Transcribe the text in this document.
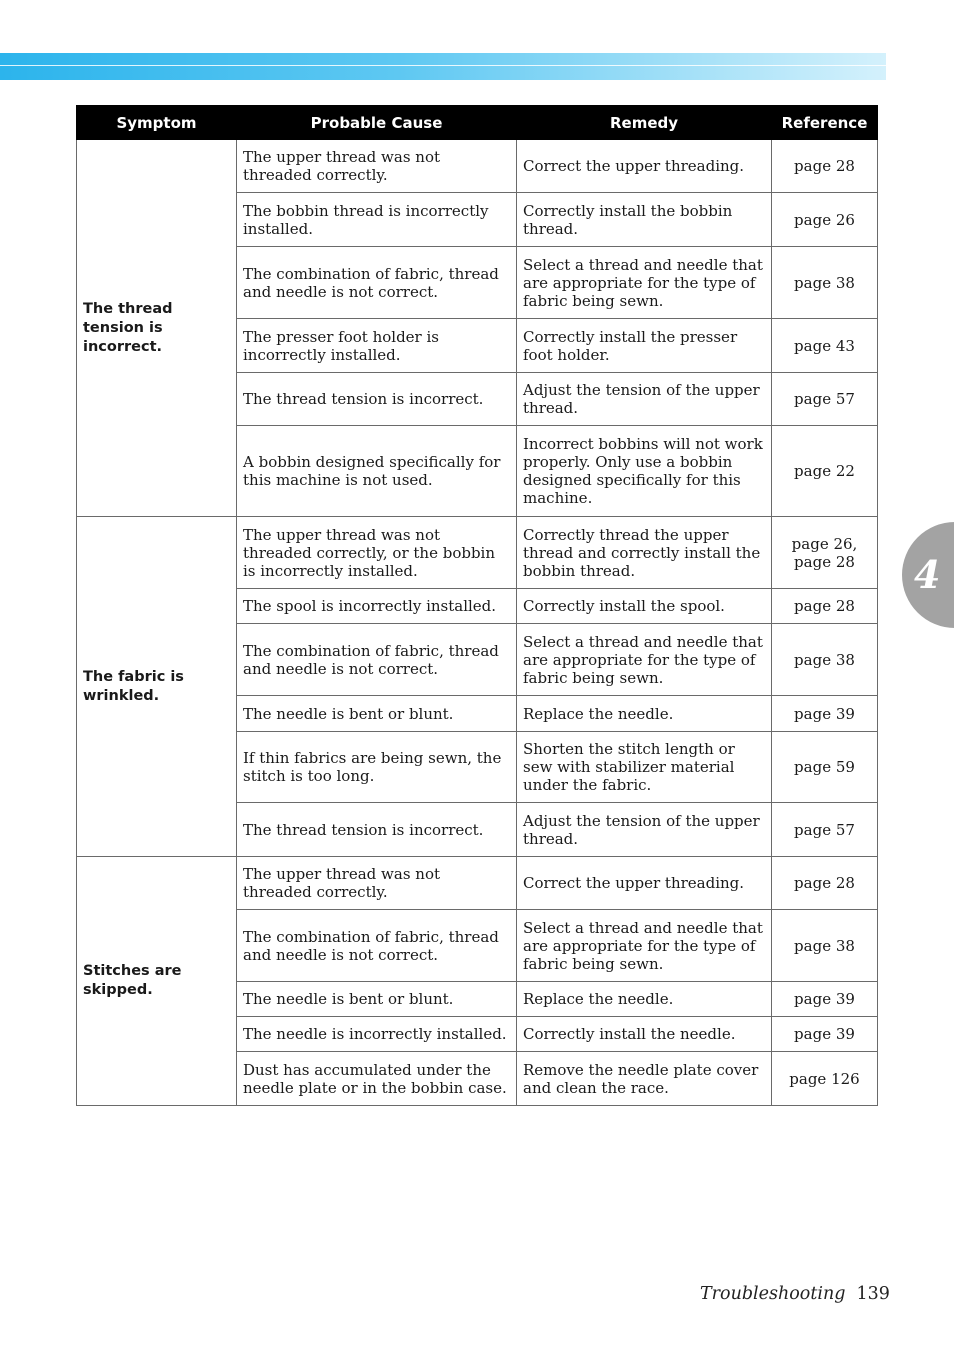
4
Symptom	Probable Cause	Remedy	Reference
The thread tension is incorrect.	The upper thread was not threaded correctly.	Correct the upper threading.	page 28
	The bobbin thread is incorrectly installed.	Correctly install the bobbin thread.	page 26
	The combination of fabric, thread and needle is not correct.	Select a thread and needle that are appropriate for the type of fabric being sewn.	page 38
	The presser foot holder is incorrectly installed.	Correctly install the presser foot holder.	page 43
	The thread tension is incorrect.	Adjust the tension of the upper thread.	page 57
	A bobbin designed specifically for this machine is not used.	Incorrect bobbins will not work properly. Only use a bobbin designed specifically for this machine.	page 22
The fabric is wrinkled.	The upper thread was not threaded correctly, or the bobbin is incorrectly installed.	Correctly thread the upper thread and correctly install the bobbin thread.	page 26, page 28
	The spool is incorrectly installed.	Correctly install the spool.	page 28
	The combination of fabric, thread and needle is not correct.	Select a thread and needle that are appropriate for the type of fabric being sewn.	page 38
	The needle is bent or blunt.	Replace the needle.	page 39
	If thin fabrics are being sewn, the stitch is too long.	Shorten the stitch length or sew with stabilizer material under the fabric.	page 59
	The thread tension is incorrect.	Adjust the tension of the upper thread.	page 57
Stitches are skipped.	The upper thread was not threaded correctly.	Correct the upper threading.	page 28
	The combination of fabric, thread and needle is not correct.	Select a thread and needle that are appropriate for the type of fabric being sewn.	page 38
	The needle is bent or blunt.	Replace the needle.	page 39
	The needle is incorrectly installed.	Correctly install the needle.	page 39
	Dust has accumulated under the needle plate or in the bobbin case.	Remove the needle plate cover and clean the race.	page 126
Troubleshooting 139
